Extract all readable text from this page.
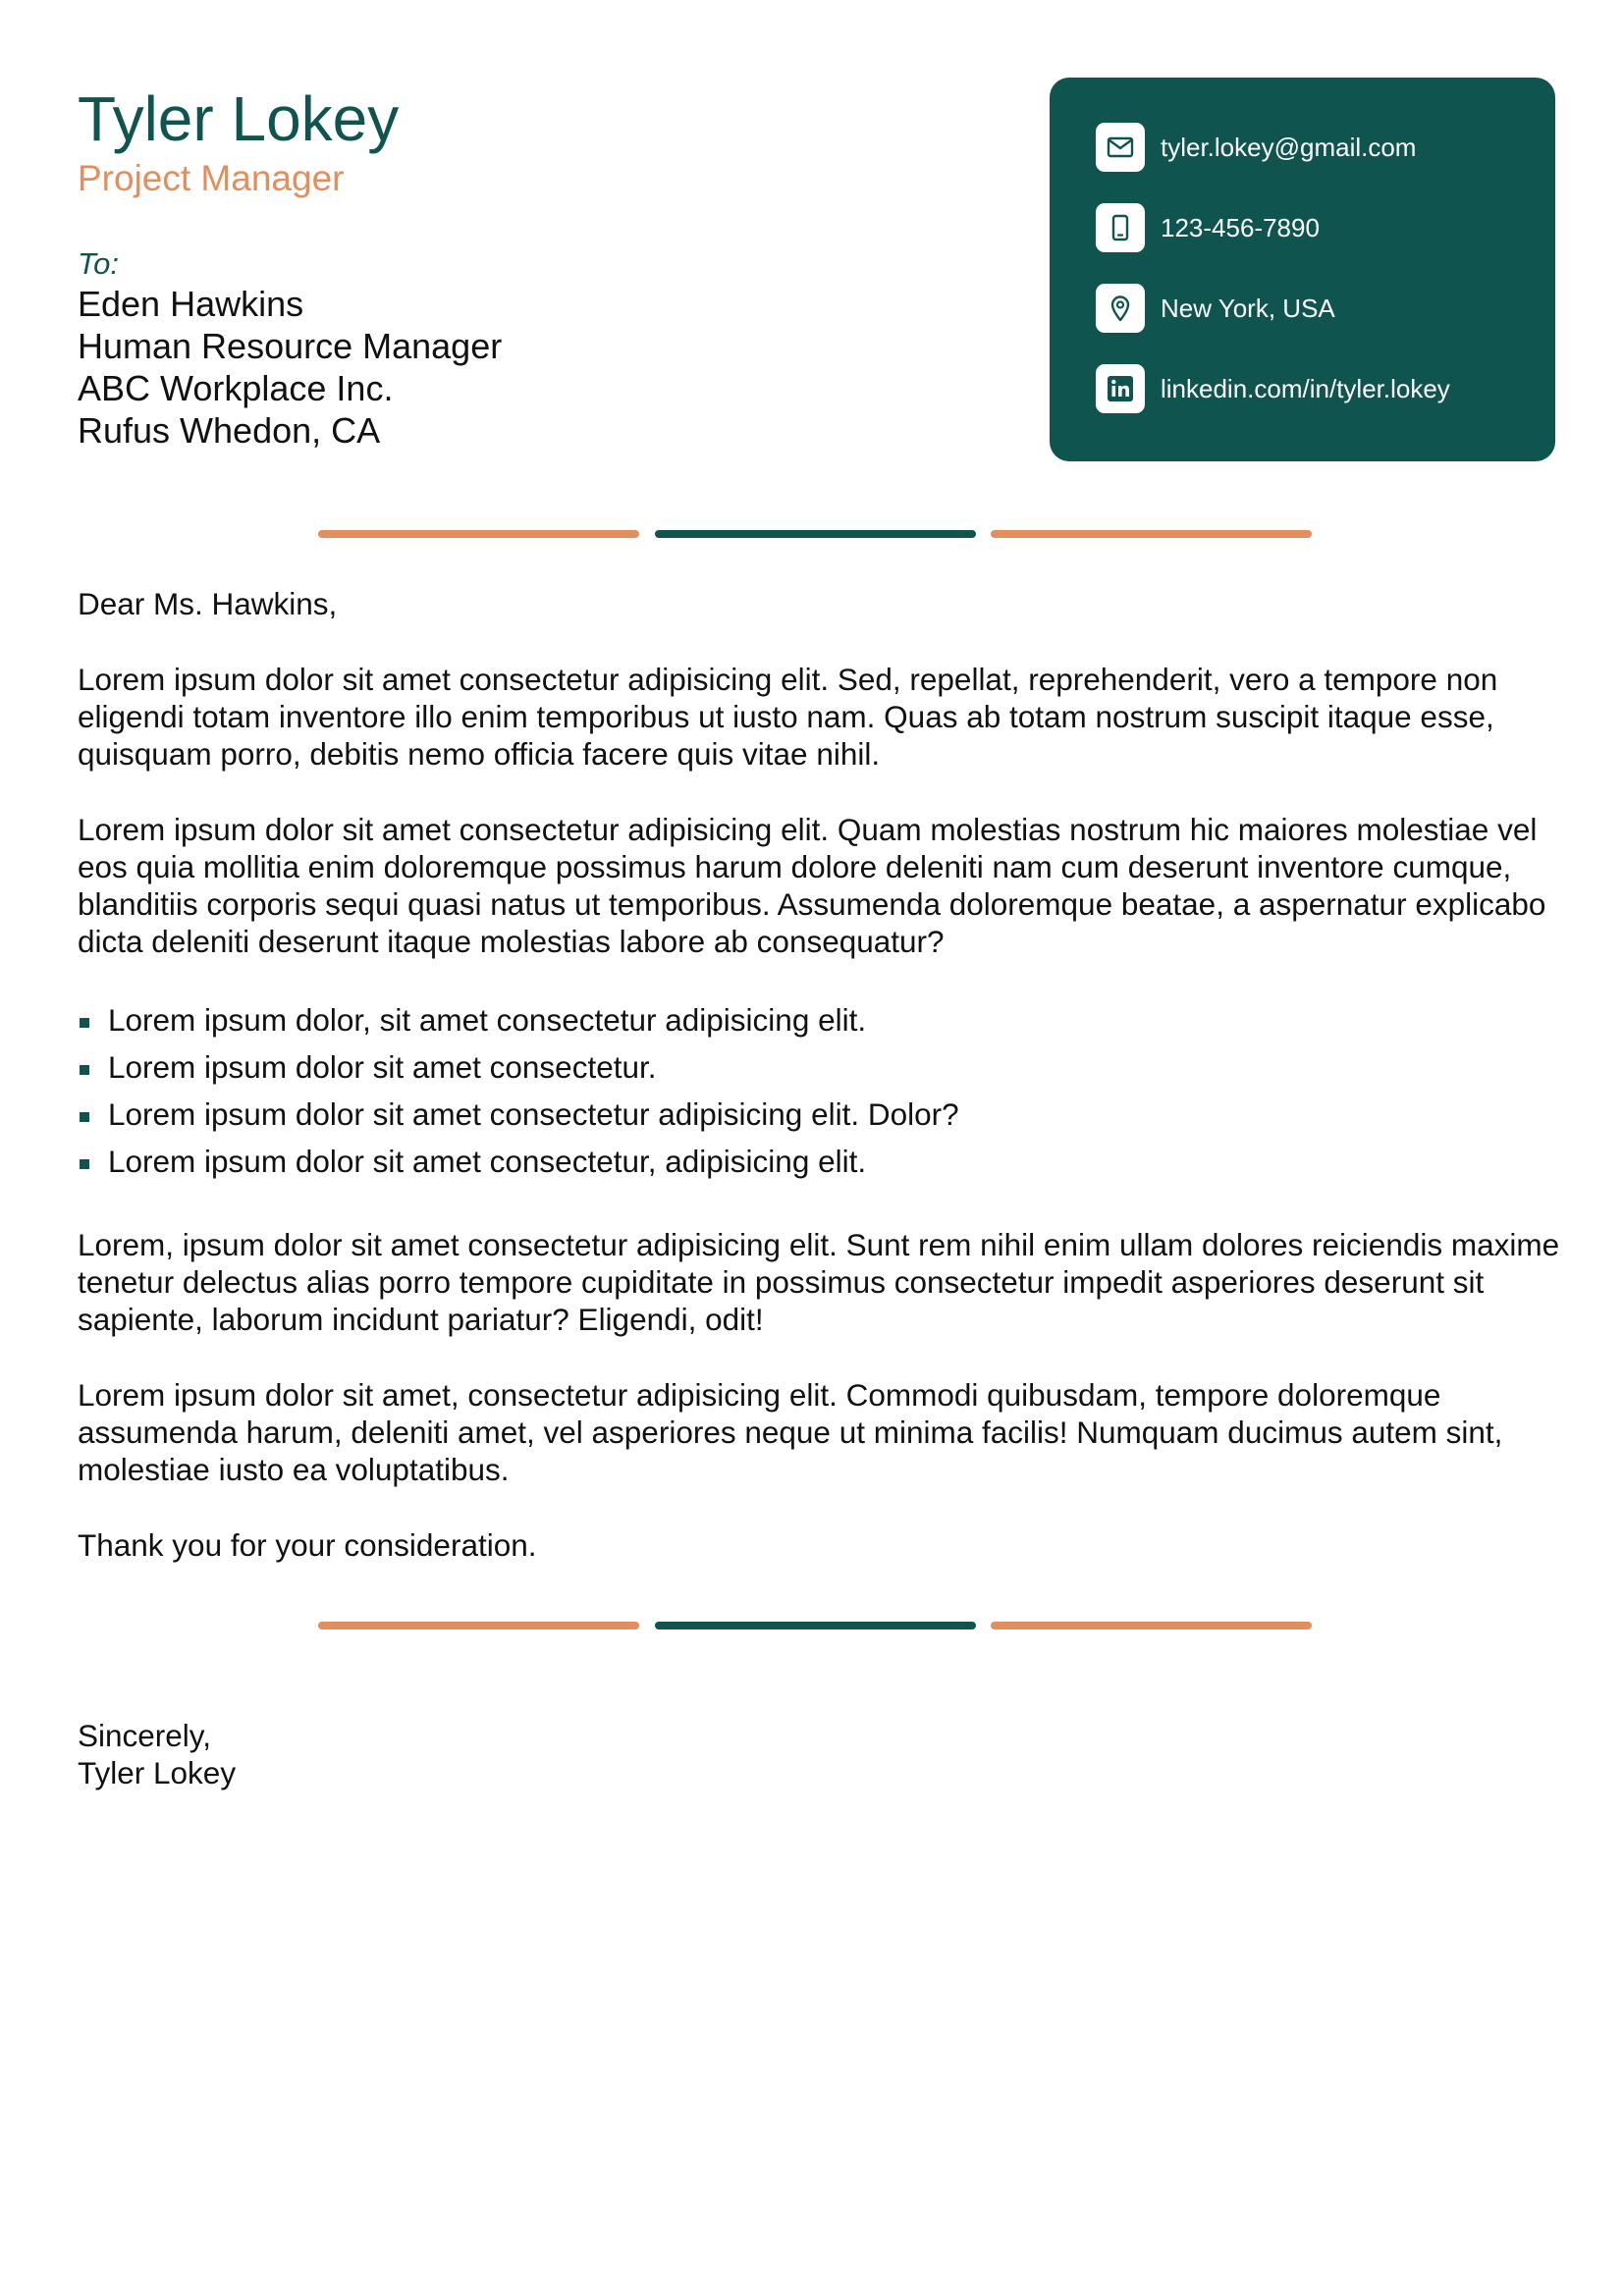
Tyler Lokey
Project Manager
To:
Eden Hawkins
Human Resource Manager
ABC Workplace Inc.
Rufus Whedon, CA
tyler.lokey@gmail.com
123-456-7890
New York, USA
linkedin.com/in/tyler.lokey
Dear Ms. Hawkins,

Lorem ipsum dolor sit amet consectetur adipisicing elit. Sed, repellat, reprehenderit, vero a tempore non eligendi totam inventore illo enim temporibus ut iusto nam. Quas ab totam nostrum suscipit itaque esse, quisquam porro, debitis nemo officia facere quis vitae nihil.

Lorem ipsum dolor sit amet consectetur adipisicing elit. Quam molestias nostrum hic maiores molestiae vel eos quia mollitia enim doloremque possimus harum dolore deleniti nam cum deserunt inventore cumque, blanditiis corporis sequi quasi natus ut temporibus. Assumenda doloremque beatae, a aspernatur explicabo dicta deleniti deserunt itaque molestias labore ab consequatur?

Lorem ipsum dolor, sit amet consectetur adipisicing elit.
Lorem ipsum dolor sit amet consectetur.
Lorem ipsum dolor sit amet consectetur adipisicing elit. Dolor?
Lorem ipsum dolor sit amet consectetur, adipisicing elit.

Lorem, ipsum dolor sit amet consectetur adipisicing elit. Sunt rem nihil enim ullam dolores reiciendis maxime tenetur delectus alias porro tempore cupiditate in possimus consectetur impedit asperiores deserunt sit sapiente, laborum incidunt pariatur? Eligendi, odit!

Lorem ipsum dolor sit amet, consectetur adipisicing elit. Commodi quibusdam, tempore doloremque assumenda harum, deleniti amet, vel asperiores neque ut minima facilis! Numquam ducimus autem sint, molestiae iusto ea voluptatibus.

Thank you for your consideration.

Sincerely,
Tyler Lokey
